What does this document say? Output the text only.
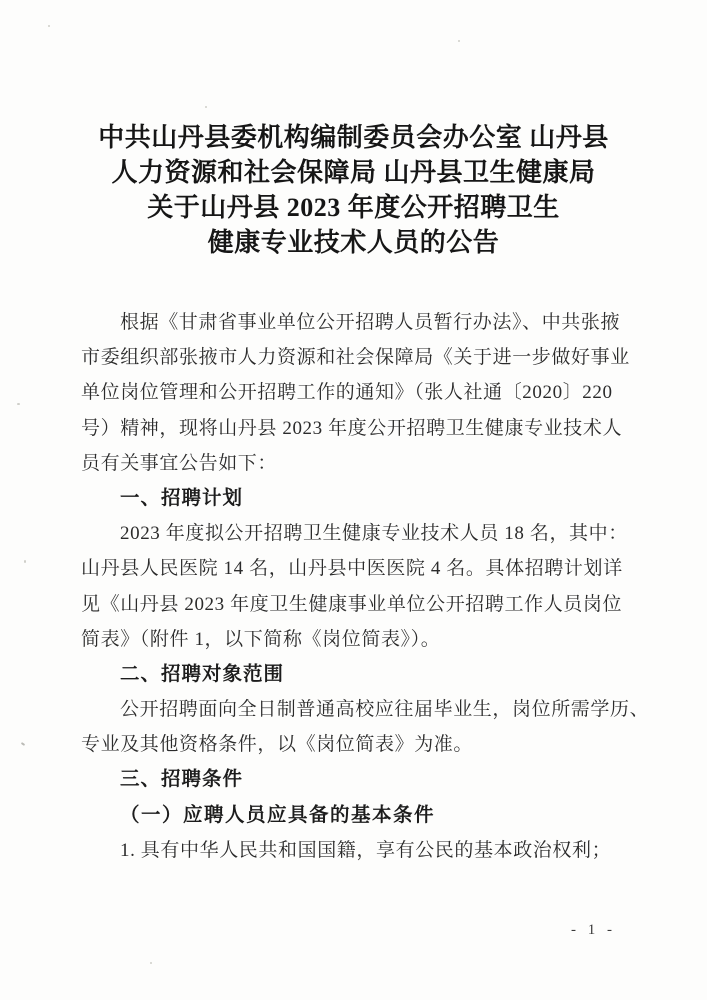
中共山丹县委机构编制委员会办公室 山丹县
人力资源和社会保障局 山丹县卫生健康局
关于山丹县 2023 年度公开招聘卫生
健康专业技术人员的公告
根据《甘肃省事业单位公开招聘人员暂行办法》、中共张掖
市委组织部张掖市人力资源和社会保障局《关于进一步做好事业
单位岗位管理和公开招聘工作的通知》（张人社通〔2020〕220
号）精神，现将山丹县 2023 年度公开招聘卫生健康专业技术人
员有关事宜公告如下：
一、招聘计划
2023 年度拟公开招聘卫生健康专业技术人员 18 名，其中：
山丹县人民医院 14 名，山丹县中医医院 4 名。具体招聘计划详
见《山丹县 2023 年度卫生健康事业单位公开招聘工作人员岗位
简表》（附件 1，以下简称《岗位简表》）。
二、招聘对象范围
公开招聘面向全日制普通高校应往届毕业生，岗位所需学历、
专业及其他资格条件，以《岗位简表》为准。
三、招聘条件
（一）应聘人员应具备的基本条件
1. 具有中华人民共和国国籍，享有公民的基本政治权利；
- 1 -
